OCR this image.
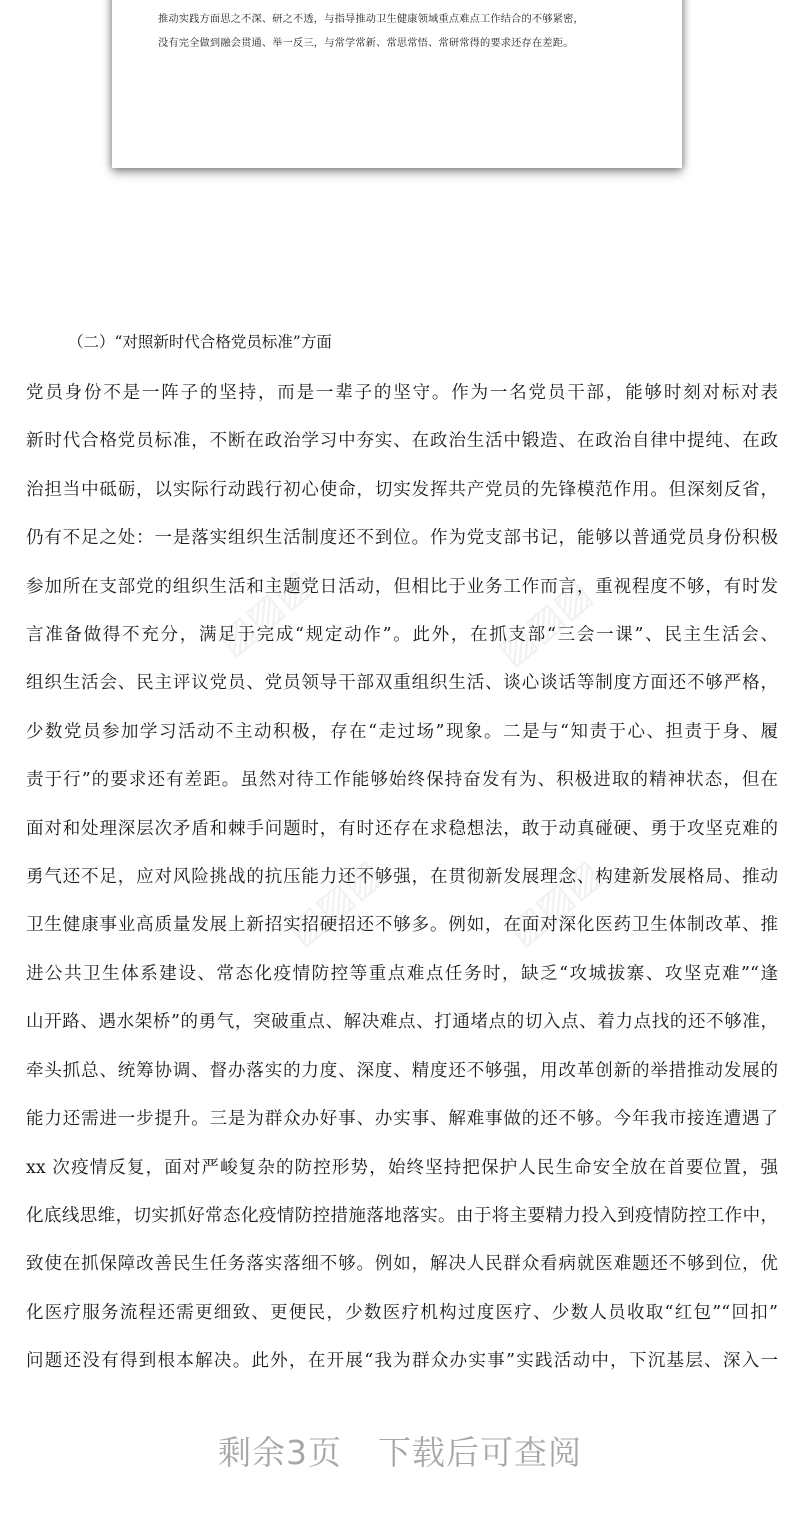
推动实践方面思之不深、研之不透，与指导推动卫生健康领域重点难点工作结合的不够紧密，
没有完全做到融会贯通、举一反三，与常学常新、常思常悟、常研常得的要求还存在差距。
▨▨▨	▨▨▨
▨▨▨	▨▨▨
（二）“对照新时代合格党员标准”方面
党员身份不是一阵子的坚持，而是一辈子的坚守。作为一名党员干部，能够时刻对标对表
新时代合格党员标准，不断在政治学习中夯实、在政治生活中锻造、在政治自律中提纯、在政
治担当中砥砺，以实际行动践行初心使命，切实发挥共产党员的先锋模范作用。但深刻反省，
仍有不足之处：一是落实组织生活制度还不到位。作为党支部书记，能够以普通党员身份积极
参加所在支部党的组织生活和主题党日活动，但相比于业务工作而言，重视程度不够，有时发
言准备做得不充分，满足于完成“规定动作”。此外，在抓支部“三会一课”、民主生活会、
组织生活会、民主评议党员、党员领导干部双重组织生活、谈心谈话等制度方面还不够严格，
少数党员参加学习活动不主动积极，存在“走过场”现象。二是与“知责于心、担责于身、履
责于行”的要求还有差距。虽然对待工作能够始终保持奋发有为、积极进取的精神状态，但在
面对和处理深层次矛盾和棘手问题时，有时还存在求稳想法，敢于动真碰硬、勇于攻坚克难的
勇气还不足，应对风险挑战的抗压能力还不够强，在贯彻新发展理念、构建新发展格局、推动
卫生健康事业高质量发展上新招实招硬招还不够多。例如，在面对深化医药卫生体制改革、推
进公共卫生体系建设、常态化疫情防控等重点难点任务时，缺乏“攻城拔寨、攻坚克难”“逢
山开路、遇水架桥”的勇气，突破重点、解决难点、打通堵点的切入点、着力点找的还不够准，
牵头抓总、统筹协调、督办落实的力度、深度、精度还不够强，用改革创新的举措推动发展的
能力还需进一步提升。三是为群众办好事、办实事、解难事做的还不够。今年我市接连遭遇了
xx 次疫情反复，面对严峻复杂的防控形势，始终坚持把保护人民生命安全放在首要位置，强
化底线思维，切实抓好常态化疫情防控措施落地落实。由于将主要精力投入到疫情防控工作中，
致使在抓保障改善民生任务落实落细不够。例如，解决人民群众看病就医难题还不够到位，优
化医疗服务流程还需更细致、更便民，少数医疗机构过度医疗、少数人员收取“红包”“回扣”
问题还没有得到根本解决。此外，在开展“我为群众办实事”实践活动中，下沉基层、深入一
剩余3页 下载后可查阅
